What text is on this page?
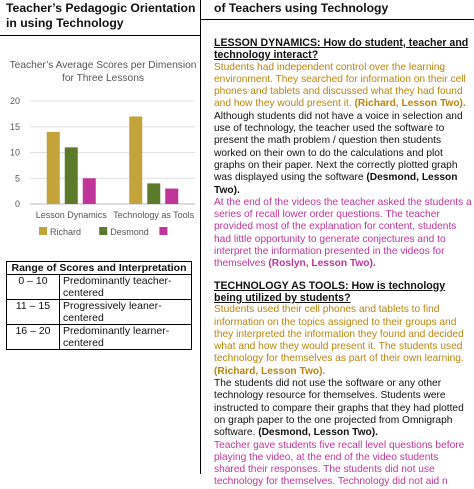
Teacher’s Pedagogic Orientation in using Technology
of Teachers using Technology
Teacher’s Average Scores per Dimension
for Three Lessons
0
5
10
15
20
Lesson Dynamics Technology as Tools
Richard	Desmond
Range of Scores and Interpretation	
0 – 10	Predominantly teacher-centered
11 – 15	Progressively leaner-centered
16 – 20	Predominantly learner-centered
LESSON DYNAMICS: How do student, teacher and technology interact?

Students had independent control over the learning environment. They searched for information on their cell phones and tablets and discussed what they had found and how they would present it. (Richard, Lesson Two).

Although students did not have a voice in selection and use of technology, the teacher used the software to present the math problem / question then students worked on their own to do the calculations and plot graphs on their paper. Next the correctly plotted graph was displayed using the software (Desmond, Lesson Two).

At the end of the videos the teacher asked the students a series of recall lower order questions. The teacher provided most of the explanation for content, students had little opportunity to generate conjectures and to interpret the information presented in the videos for themselves (Roslyn, Lesson Two).

TECHNOLOGY AS TOOLS: How is technology being utilized by students?

Students used their cell phones and tablets to find information on the topics assigned to their groups and they interpreted the information they found and decided what and how they would present it. The students used technology for themselves as part of their own learning. (Richard, Lesson Two).

The students did not use the software or any other technology resource for themselves. Students were instructed to compare their graphs that they had plotted on graph paper to the one projected from Omnigraph software. (Desmond, Lesson Two).

Teacher gave students five recall level questions before playing the video, at the end of the video students shared their responses. The students did not use technology for themselves. Technology did not aid n
